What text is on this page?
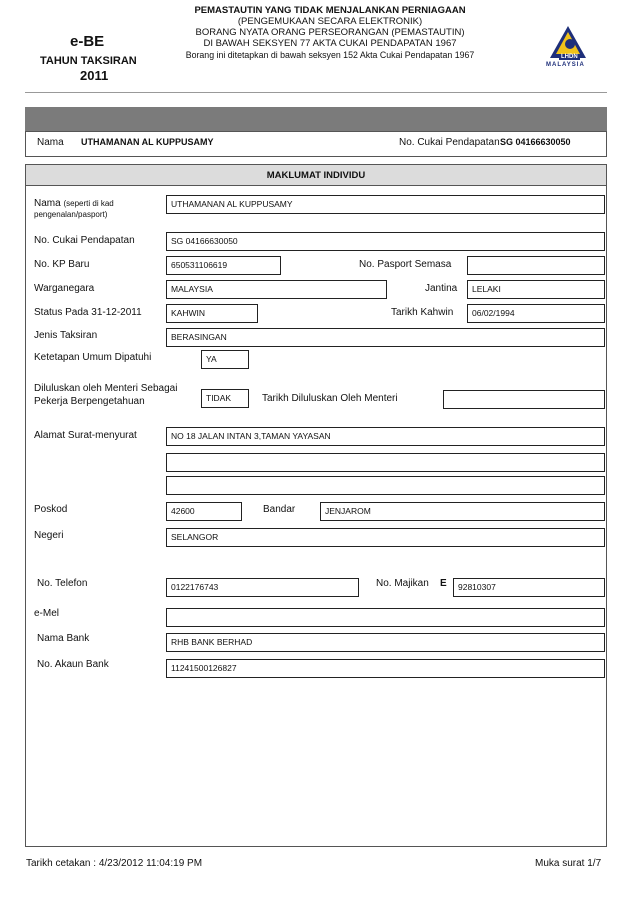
e-BE
TAHUN TAKSIRAN
2011
PEMASTAUTIN YANG TIDAK MENJALANKAN PERNIAGAAN
(PENGEMUKAAN SECARA ELEKTRONIK)
BORANG NYATA ORANG PERSEORANGAN (PEMASTAUTIN)
DI BAWAH SEKSYEN 77 AKTA CUKAI PENDAPATAN 1967
Borang ini ditetapkan di bawah seksyen 152 Akta Cukai Pendapatan 1967	LHDN
MALAYSIA
Nama UTHAMANAN AL KUPPUSAMY	No. Cukai Pendapatan SG 04166630050
MAKLUMAT INDIVIDU
Nama (seperti di kad
pengenalan/pasport)
UTHAMANAN AL KUPPUSAMY
No. Cukai Pendapatan	SG 04166630050
No. KP Baru	650531106619	No. Pasport Semasa
Warganegara	MALAYSIA	Jantina	LELAKI
Status Pada 31-12-2011	KAHWIN	Tarikh Kahwin	06/02/1994
Jenis Taksiran	BERASINGAN
Ketetapan Umum Dipatuhi	YA
Diluluskan oleh Menteri Sebagai
Pekerja Berpengetahuan	TIDAK	Tarikh Diluluskan Oleh Menteri
Alamat Surat-menyurat	NO 18 JALAN INTAN 3,TAMAN YAYASAN
Poskod	42600	Bandar	JENJAROM
Negeri	SELANGOR
No. Telefon	0122176743	No. Majikan E	92810307
e-Mel
Nama Bank	RHB BANK BERHAD
No. Akaun Bank	11241500126827
Tarikh cetakan : 4/23/2012 11:04:19 PM	Muka surat 1/7
